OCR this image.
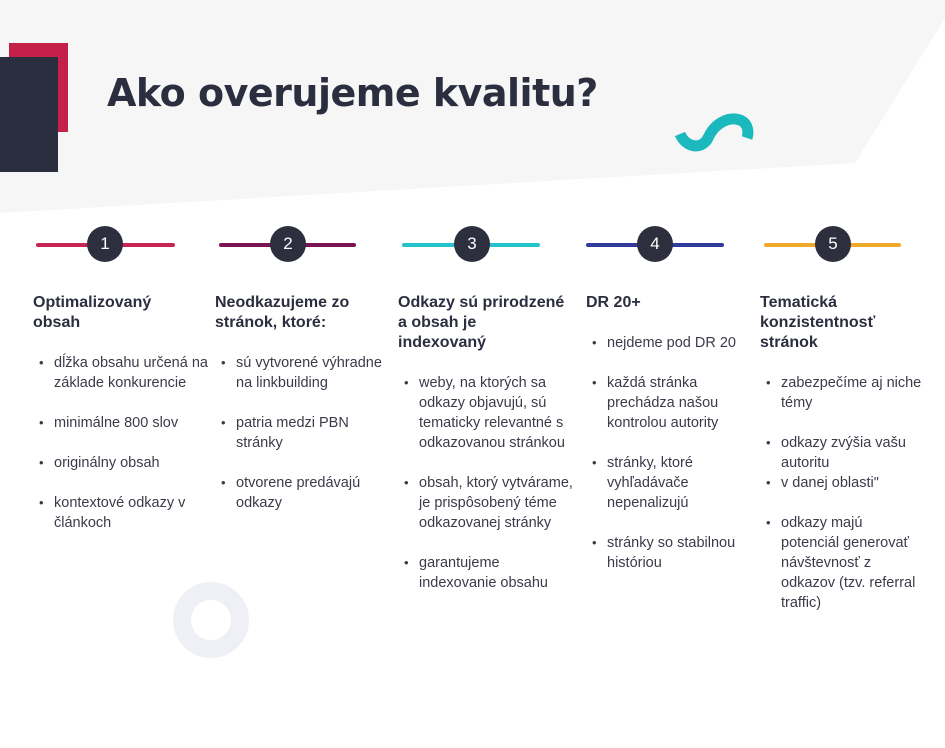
Ako overujeme kvalitu?
1
Optimalizovaný obsah
• dĺžka obsahu určená na základe konkurencie
• minimálne 800 slov
• originálny obsah
• kontextové odkazy v článkoch
2
Neodkazujeme zo stránok, ktoré:
• sú vytvorené výhradne na linkbuilding
• patria medzi PBN stránky
• otvorene predávajú odkazy
3
Odkazy sú prirodzené a obsah je indexovaný
• weby, na ktorých sa odkazy objavujú, sú tematicky relevantné s odkazovanou stránkou
• obsah, ktorý vytvárame, je prispôsobený téme odkazovanej stránky
• garantujeme indexovanie obsahu
4
DR 20+
• nejdeme pod DR 20
• každá stránka prechádza našou kontrolou autority
• stránky, ktoré vyhľadávače nepenalizujú
• stránky so stabilnou históriou
5
Tematická konzistentnosť stránok
• zabezpečíme aj niche témy
• odkazy zvýšia vašu autoritu
• v danej oblasti"
• odkazy majú potenciál generovať návštevnosť z odkazov (tzv. referral traffic)
